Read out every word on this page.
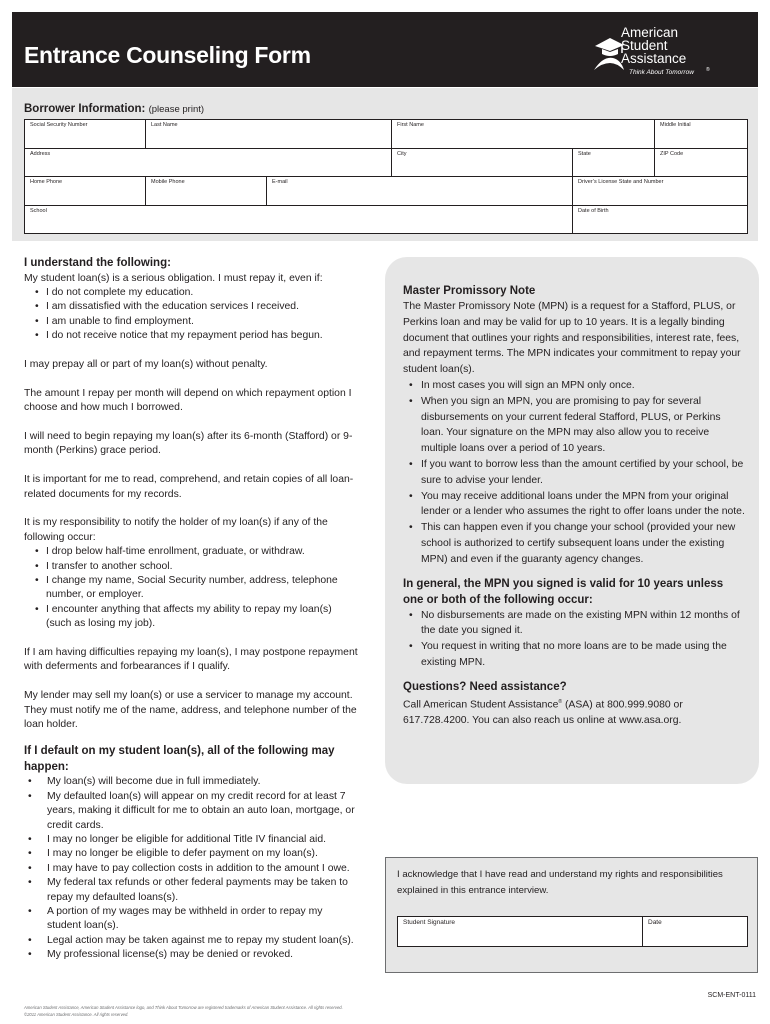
Entrance Counseling Form
American
Student
Assistance
®
Think About Tomorrow
Borrower Information: (please print)
Social Security Number	Last Name		First Name		Middle Initial
Address			City	State	ZIP Code
Home Phone	Mobile Phone	E-mail		Driver’s License State and Number	
School				Date of Birth	
I understand the following:

My student loan(s) is a serious obligation. I must repay it, even if:

• I do not complete my education.
• I am dissatisfied with the education services I received.
• I am unable to find employment.
• I do not receive notice that my repayment period has begun.

I may prepay all or part of my loan(s) without penalty.

The amount I repay per month will depend on which repayment option I choose and how much I borrowed.

I will need to begin repaying my loan(s) after its 6-month (Stafford) or 9-month (Perkins) grace period.

It is important for me to read, comprehend, and retain copies of all loan-related documents for my records.

It is my responsibility to notify the holder of my loan(s) if any of the following occur:

• I drop below half-time enrollment, graduate, or withdraw.
• I transfer to another school.
• I change my name, Social Security number, address, telephone number, or employer.
• I encounter anything that affects my ability to repay my loan(s) (such as losing my job).

If I am having difficulties repaying my loan(s), I may postpone repayment with deferments and forbearances if I qualify.

My lender may sell my loan(s) or use a servicer to manage my account. They must notify me of the name, address, and telephone number of the loan holder.

If I default on my student loan(s), all of the following may happen:
• My loan(s) will become due in full immediately.
• My defaulted loan(s) will appear on my credit record for at least 7 years, making it difficult for me to obtain an auto loan, mortgage, or credit cards.
• I may no longer be eligible for additional Title IV financial aid.
• I may no longer be eligible to defer payment on my loan(s).
• I may have to pay collection costs in addition to the amount I owe.
• My federal tax refunds or other federal payments may be taken to repay my defaulted loans(s).
• A portion of my wages may be withheld in order to repay my student loan(s).
• Legal action may be taken against me to repay my student loan(s).
• My professional license(s) may be denied or revoked.
Master Promissory Note

The Master Promissory Note (MPN) is a request for a Stafford, PLUS, or Perkins loan and may be valid for up to 10 years. It is a legally binding document that outlines your rights and responsibilities, interest rate, fees, and repayment terms. The MPN indicates your commitment to repay your student loan(s).

• In most cases you will sign an MPN only once.
• When you sign an MPN, you are promising to pay for several disbursements on your current federal Stafford, PLUS, or Perkins loan. Your signature on the MPN may also allow you to receive multiple loans over a period of 10 years.
• If you want to borrow less than the amount certified by your school, be sure to advise your lender.
• You may receive additional loans under the MPN from your original lender or a lender who assumes the right to offer loans under the note.
• This can happen even if you change your school (provided your new school is authorized to certify subsequent loans under the existing MPN) and even if the guaranty agency changes.
In general, the MPN you signed is valid for 10 years unless one or both of the following occur:
• No disbursements are made on the existing MPN within 12 months of the date you signed it.
• You request in writing that no more loans are to be made using the existing MPN.
Questions? Need assistance?

Call American Student Assistance® (ASA) at 800.999.9080 or 617.728.4200. You can also reach us online at www.asa.org.

I acknowledge that I have read and understand my rights and responsibilities explained in this entrance interview.

Student Signature	Date
SCM-ENT-0111
American Student Assistance, American Student Assistance logo, and Think About Tomorrow are registered trademarks of American Student Assistance. All rights reserved.
©2011 American Student Assistance. All rights reserved.
